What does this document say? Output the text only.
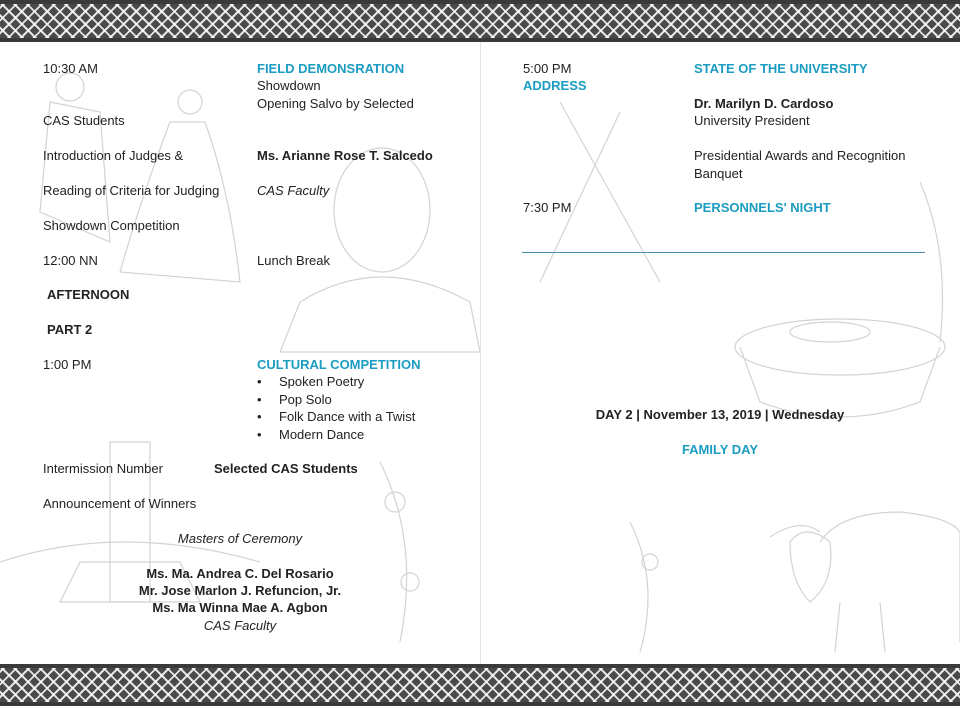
10:30 AM	FIELD DEMONSRATION
Showdown
Opening Salvo by Selected
CAS Students
Introduction of Judges &	Ms. Arianne Rose T. Salcedo
Reading of Criteria for Judging	CAS Faculty
Showdown Competition
12:00 NN	Lunch Break
AFTERNOON
PART 2
1:00 PM	CULTURAL COMPETITION
• Spoken Poetry
• Pop Solo
• Folk Dance with a Twist
• Modern Dance
Intermission Number	Selected CAS Students
Announcement of Winners
Masters of Ceremony
Ms. Ma. Andrea C. Del Rosario
Mr. Jose Marlon J. Refuncion, Jr.
Ms. Ma Winna Mae A. Agbon
CAS Faculty
5:00 PM	STATE OF THE UNIVERSITY
ADDRESS
Dr. Marilyn D. Cardoso
University President
Presidential Awards and Recognition
Banquet
7:30 PM	PERSONNELS' NIGHT
DAY 2 | November 13, 2019 | Wednesday
FAMILY DAY
